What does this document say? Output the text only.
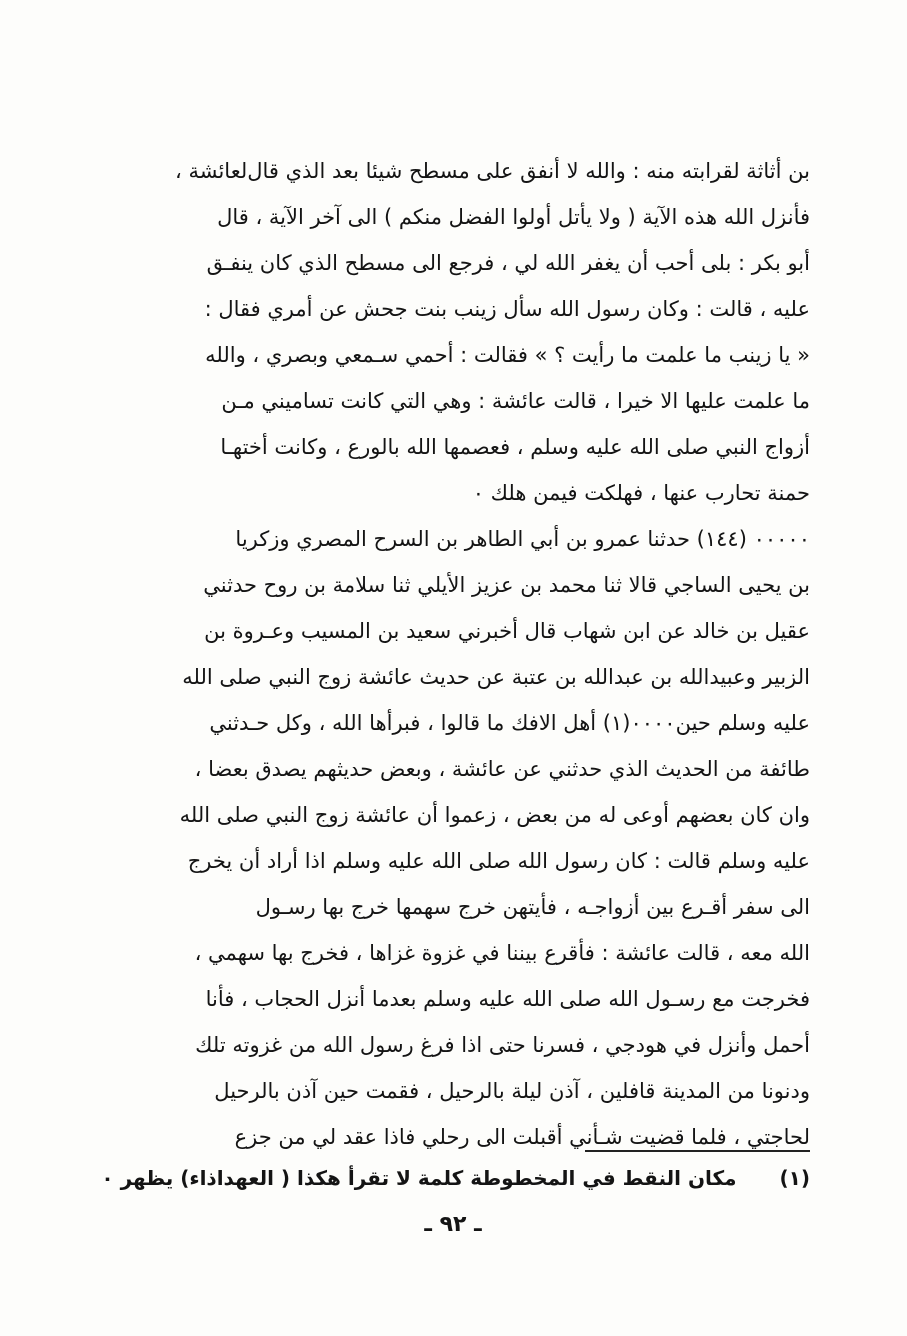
بن أثاثة لقرابته منه : والله لا أنفق على مسطح شيئا بعد الذي قالﻟﻌﺎﺋﺸﺔ ،
فأنزل الله هذه الآية ( ولا يأتل أولوا الفضل منكم ) الى آخر الآية ، قال
أبو بكر : بلى أحب أن يغفر الله لي ، فرجع الى مسطح الذي كان ينفـق
عليه ، قالت : وكان رسول الله سأل زينب بنت جحش عن أمري فقال :
« يا زينب ما علمت ما رأيت ؟ » فقالت : أحمي سـمعي وبصري ، والله
ما علمت عليها الا خيرا ، قالت عائشة : وهي التي كانت تساميني مـن
أزواج النبي صلى الله عليه وسلم ، فعصمها الله بالورع ، وكانت أختهـا
حمنة تحارب عنها ، فهلكت فيمن هلك ٠
٠٠٠٠٠ (١٤٤) حدثنا عمرو بن أبي الطاهر بن السرح المصري وزكريا
بن يحيى الساجي قالا ثنا محمد بن عزيز الأيلي ثنا سلامة بن روح حدثني
عقيل بن خالد عن ابن شهاب قال أخبرني سعيد بن المسيب وعـروة بن
الزبير وعبيدالله بن عبدالله بن عتبة عن حديث عائشة زوج النبي صلى الله
عليه وسلم حين٠٠٠٠(١) أهل الافك ما قالوا ، فبرأها الله ، وكل حـدثني
طائفة من الحديث الذي حدثني عن عائشة ، وبعض حديثهم يصدق بعضا ،
وان كان بعضهم أوعى له من بعض ، زعموا أن عائشة زوج النبي صلى الله
عليه وسلم قالت : كان رسول الله صلى الله عليه وسلم اذا أراد أن يخرج
الى سفر أقـرع بين أزواجـه ، فأيتهن خرج سهمها خرج بها رسـول
الله معه ، قالت عائشة : فأقرع بيننا في غزوة غزاها ، فخرج بها سهمي ،
فخرجت مع رسـول الله صلى الله عليه وسلم بعدما أنزل الحجاب ، فأنا
أحمل وأنزل في هودجي ، فسرنا حتى اذا فرغ رسول الله من غزوته تلك
ودنونا من المدينة قافلين ، آذن ليلة بالرحيل ، فقمت حين آذن بالرحيل
لحاجتي ، فلما قضيت شـأني أقبلت الى رحلي فاذا عقد لي من جزع
(١) مكان النقط في المخطوطة كلمة لا تقرأ هكذا ( العهداذاء) يظهر ٠
ـ ٩٢ ـ
